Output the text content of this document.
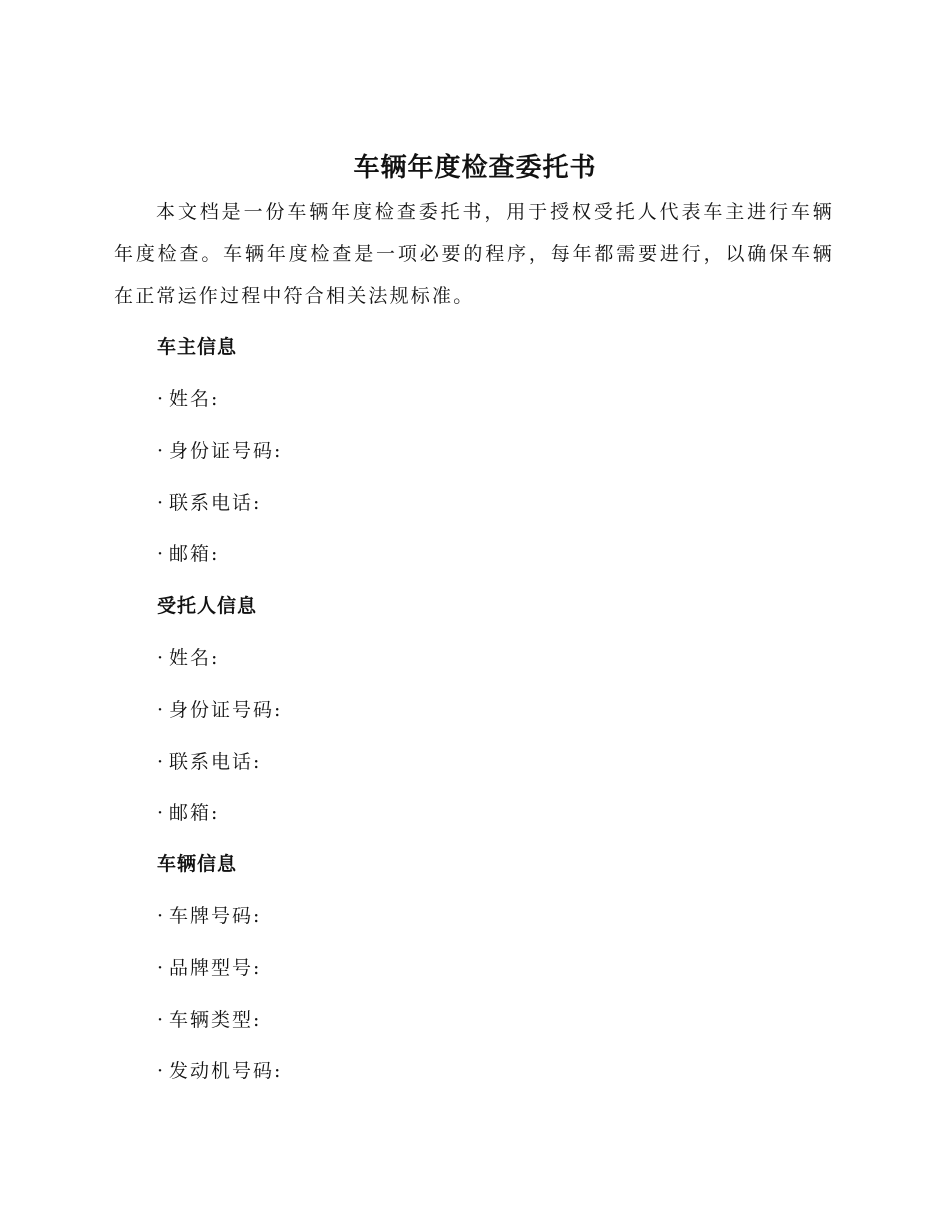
车辆年度检查委托书

本文档是一份车辆年度检查委托书，用于授权受托人代表车主进行车辆年度检查。车辆年度检查是一项必要的程序，每年都需要进行，以确保车辆在正常运作过程中符合相关法规标准。

车主信息
· 姓名:
· 身份证号码:
· 联系电话:
· 邮箱:
受托人信息
· 姓名:
· 身份证号码:
· 联系电话:
· 邮箱:
车辆信息
· 车牌号码:
· 品牌型号:
· 车辆类型:
· 发动机号码:
